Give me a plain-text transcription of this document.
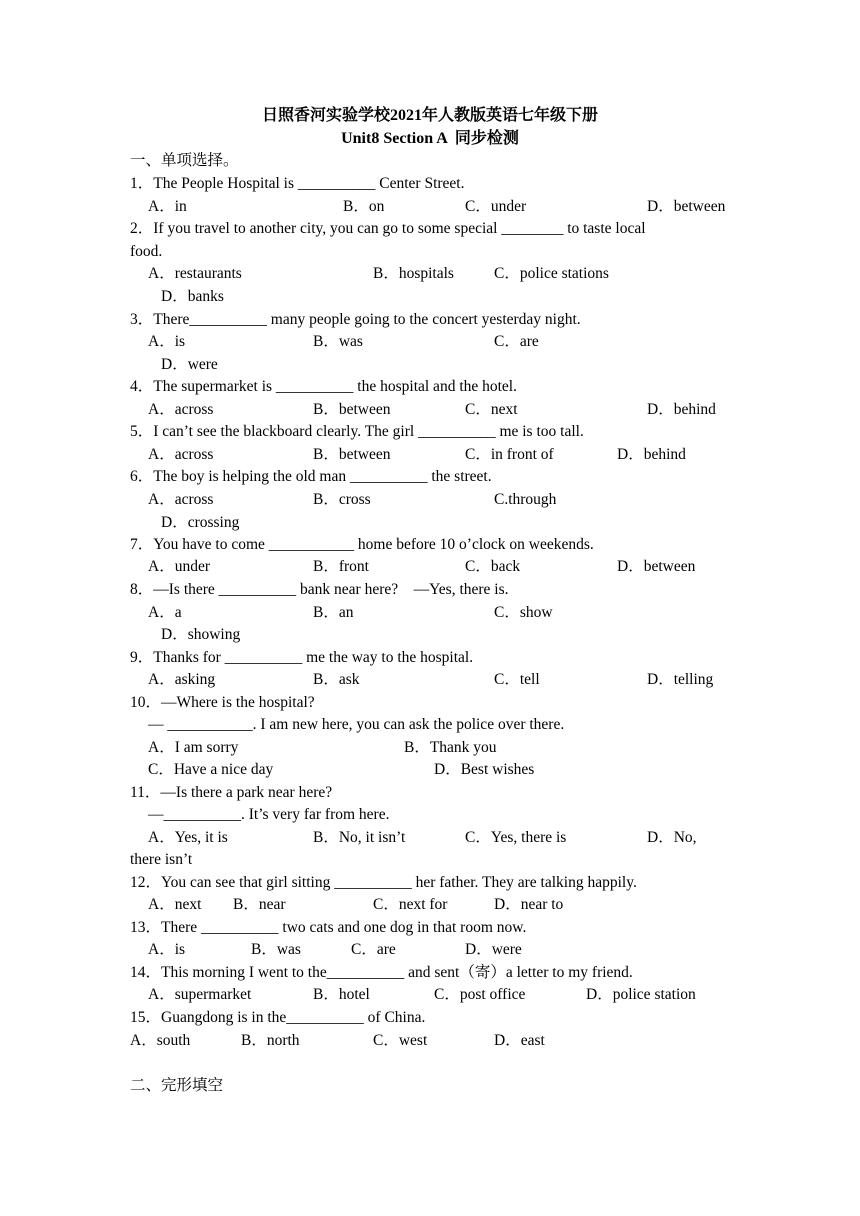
日照香河实验学校2021年人教版英语七年级下册
Unit8 Section A  同步检测
一、单项选择。
1．The People Hospital is __________ Center Street.
A．in	B．on	C．under	D．between
2．If you travel to another city, you can go to some special ________ to taste local
food.
A．restaurants	B．hospitals	C．police stations
D．banks
3．There__________ many people going to the concert yesterday night.
A．is	B．was	C．are
D．were
4．The supermarket is __________ the hospital and the hotel.
A．across	B．between	C．next	D．behind
5．I can’t see the blackboard clearly. The girl __________ me is too tall.
A．across	B．between	C．in front of	D．behind
6．The boy is helping the old man __________ the street.
A．across	B．cross	C.through
D．crossing
7．You have to come ___________ home before 10 o’clock on weekends.
A．under	B．front	C．back	D．between
8．—Is there __________ bank near here?    —Yes, there is.
A．a	B．an	C．show
D．showing
9．Thanks for __________ me the way to the hospital.
A．asking	B．ask	C．tell	D．telling
10．—Where is the hospital?
— ___________. I am new here, you can ask the police over there.
A．I am sorry	B．Thank you
C．Have a nice day	D．Best wishes
11．—Is there a park near here?
—__________. It’s very far from here.
A．Yes, it is	B．No, it isn’t	C．Yes, there is	D．No,
there isn’t
12．You can see that girl sitting __________ her father. They are talking happily.
A．next B．near	C．next for	D．near to
13．There __________ two cats and one dog in that room now.
A．is	B．was	C．are	D．were
14．This morning I went to the__________ and sent（寄）a letter to my friend.
A．supermarket	B．hotel	C．post office	D．police station
15．Guangdong is in the__________ of China.
A．south	B．north	C．west	D．east
二、完形填空
